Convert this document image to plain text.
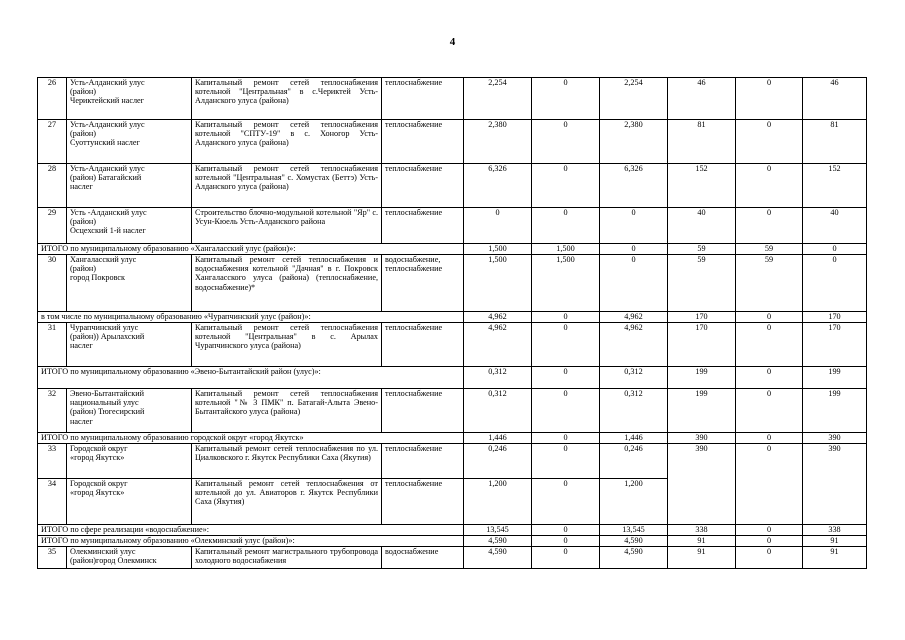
4
26	Усть-Алданский улус
(район)
Чериктейский наслег	Капитальный ремонт сетей теплоснабжения котельной "Центральная" в с.Чериктей Усть-Алданского улуса (района)	теплоснабжение	2,254	0	2,254	46	0	46
27	Усть-Алданский улус
(район)
Суоттунский наслег	Капитальный ремонт сетей теплоснабжения котельной "СПТУ-19" в с. Хоногор Усть-Алданского улуса (района)	теплоснабжение	2,380	0	2,380	81	0	81
28	Усть-Алданский улус
(район) Батагайский
наслег	Капитальный ремонт сетей теплоснабжения котельной "Центральная" с. Хомустах (Беттэ) Усть-Алданского улуса (района)	теплоснабжение	6,326	0	6,326	152	0	152
29	Усть -Алданский улус
(район)
Осцехский 1-й наслег	Строительство блочно-модульной котельной "Яр" с. Усун-Кюель Усть-Алданского района	теплоснабжение	0	0	0	40	0	40
ИТОГО по муниципальному образованию «Хангаласский улус (район)»:				1,500	1,500	0	59	59	0
30	Хангаласский улус
(район)
город Покровск	Капитальный ремонт сетей теплоснабжения и водоснабжения котельной "Дачная" в г. Покровск Хангаласского улуса (района) (теплоснабжение, водоснабжение)*	водоснабжение, теплоснабжение	1,500	1,500	0	59	59	0
в том числе по муниципальному образованию «Чурапчинский улус (район)»:				4,962	0	4,962	170	0	170
31	Чурапчинский улус
(район)) Арылахский
наслег	Капитальный ремонт сетей теплоснабжения котельной "Центральная" в с. Арылах Чурапчинского улуса (района)	теплоснабжение	4,962	0	4,962	170	0	170
ИТОГО по муниципальному образованию «Эвено-Бытантайский район (улус)»:				0,312	0	0,312	199	0	199
32	Эвено-Бытантайский
национальный улус
(район) Тюгесирский
наслег	Капитальный ремонт сетей теплоснабжения котельной "№ 3 ПМК" п. Батагай-Алыта Эвено-Бытантайского улуса (района)	теплоснабжение	0,312	0	0,312	199	0	199
ИТОГО по муниципальному образованию городской округ «город Якутск»				1,446	0	1,446	390	0	390
33	Городской округ
«город Якутск»	Капитальный ремонт сетей теплоснабжения по ул. Циалковского г. Якутск Республики Саха (Якутия)	теплоснабжение	0,246	0	0,246	390	0	390
34	Городской округ
«город Якутск»	Капитальный ремонт сетей теплоснабжения от котельной до ул. Авиаторов г. Якутск Республики Саха (Якутия)	теплоснабжение	1,200	0	1,200			
ИТОГО по сфере реализации «водоснабжение»:				13,545	0	13,545	338	0	338
ИТОГО по муниципальному образованию «Олекминский улус (район)»:				4,590	0	4,590	91	0	91
35	Олекминский улус
(район)город Олекминск	Капитальный ремонт магистрального трубопровода холодного водоснабжения	водоснабжение	4,590	0	4,590	91	0	91
